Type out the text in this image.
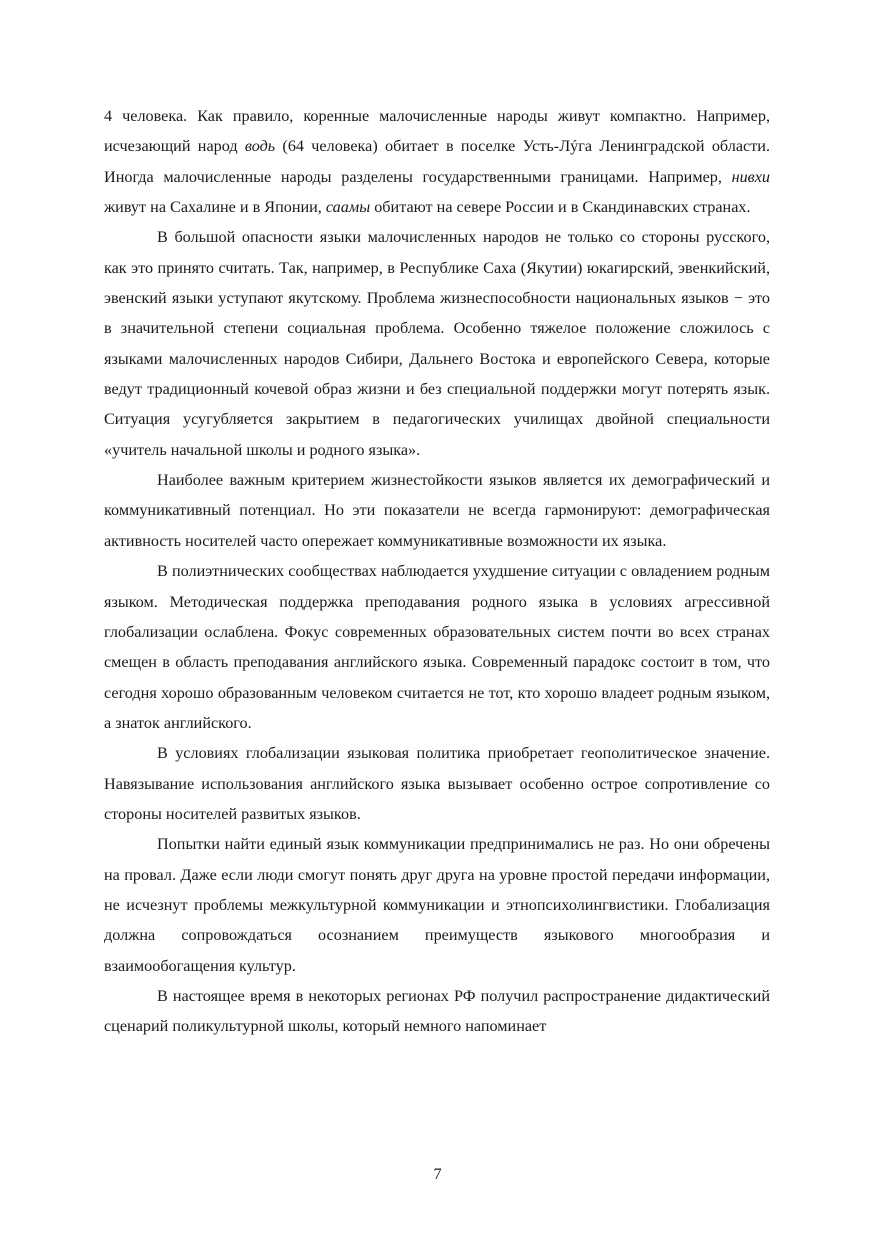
4 человека. Как правило, коренные малочисленные народы живут компактно. Например, исчезающий народ водь (64 человека) обитает в поселке Усть-Лýга Ленинградской области. Иногда малочисленные народы разделены государственными границами. Например, нивхи живут на Сахалине и в Японии, саамы обитают на севере России и в Скандинавских странах.

В большой опасности языки малочисленных народов не только со стороны русского, как это принято считать. Так, например, в Республике Саха (Якутии) юкагирский, эвенкийский, эвенский языки уступают якутскому. Проблема жизнеспособности национальных языков − это в значительной степени социальная проблема. Особенно тяжелое положение сложилось с языками малочисленных народов Сибири, Дальнего Востока и европейского Севера, которые ведут традиционный кочевой образ жизни и без специальной поддержки могут потерять язык. Ситуация усугубляется закрытием в педагогических училищах двойной специальности «учитель начальной школы и родного языка».

Наиболее важным критерием жизнестойкости языков является их демографический и коммуникативный потенциал. Но эти показатели не всегда гармонируют: демографическая активность носителей часто опережает коммуникативные возможности их языка.

В полиэтнических сообществах наблюдается ухудшение ситуации с овладением родным языком. Методическая поддержка преподавания родного языка в условиях агрессивной глобализации ослаблена. Фокус современных образовательных систем почти во всех странах смещен в область преподавания английского языка. Современный парадокс состоит в том, что сегодня хорошо образованным человеком считается не тот, кто хорошо владеет родным языком, а знаток английского.

В условиях глобализации языковая политика приобретает геополитическое значение. Навязывание использования английского языка вызывает особенно острое сопротивление со стороны носителей развитых языков.

Попытки найти единый язык коммуникации предпринимались не раз. Но они обречены на провал. Даже если люди смогут понять друг друга на уровне простой передачи информации, не исчезнут проблемы межкультурной коммуникации и этнопсихолингвистики. Глобализация должна сопровождаться осознанием преимуществ языкового многообразия и взаимообогащения культур.

В настоящее время в некоторых регионах РФ получил распространение дидактический сценарий поликультурной школы, который немного напоминает

7
